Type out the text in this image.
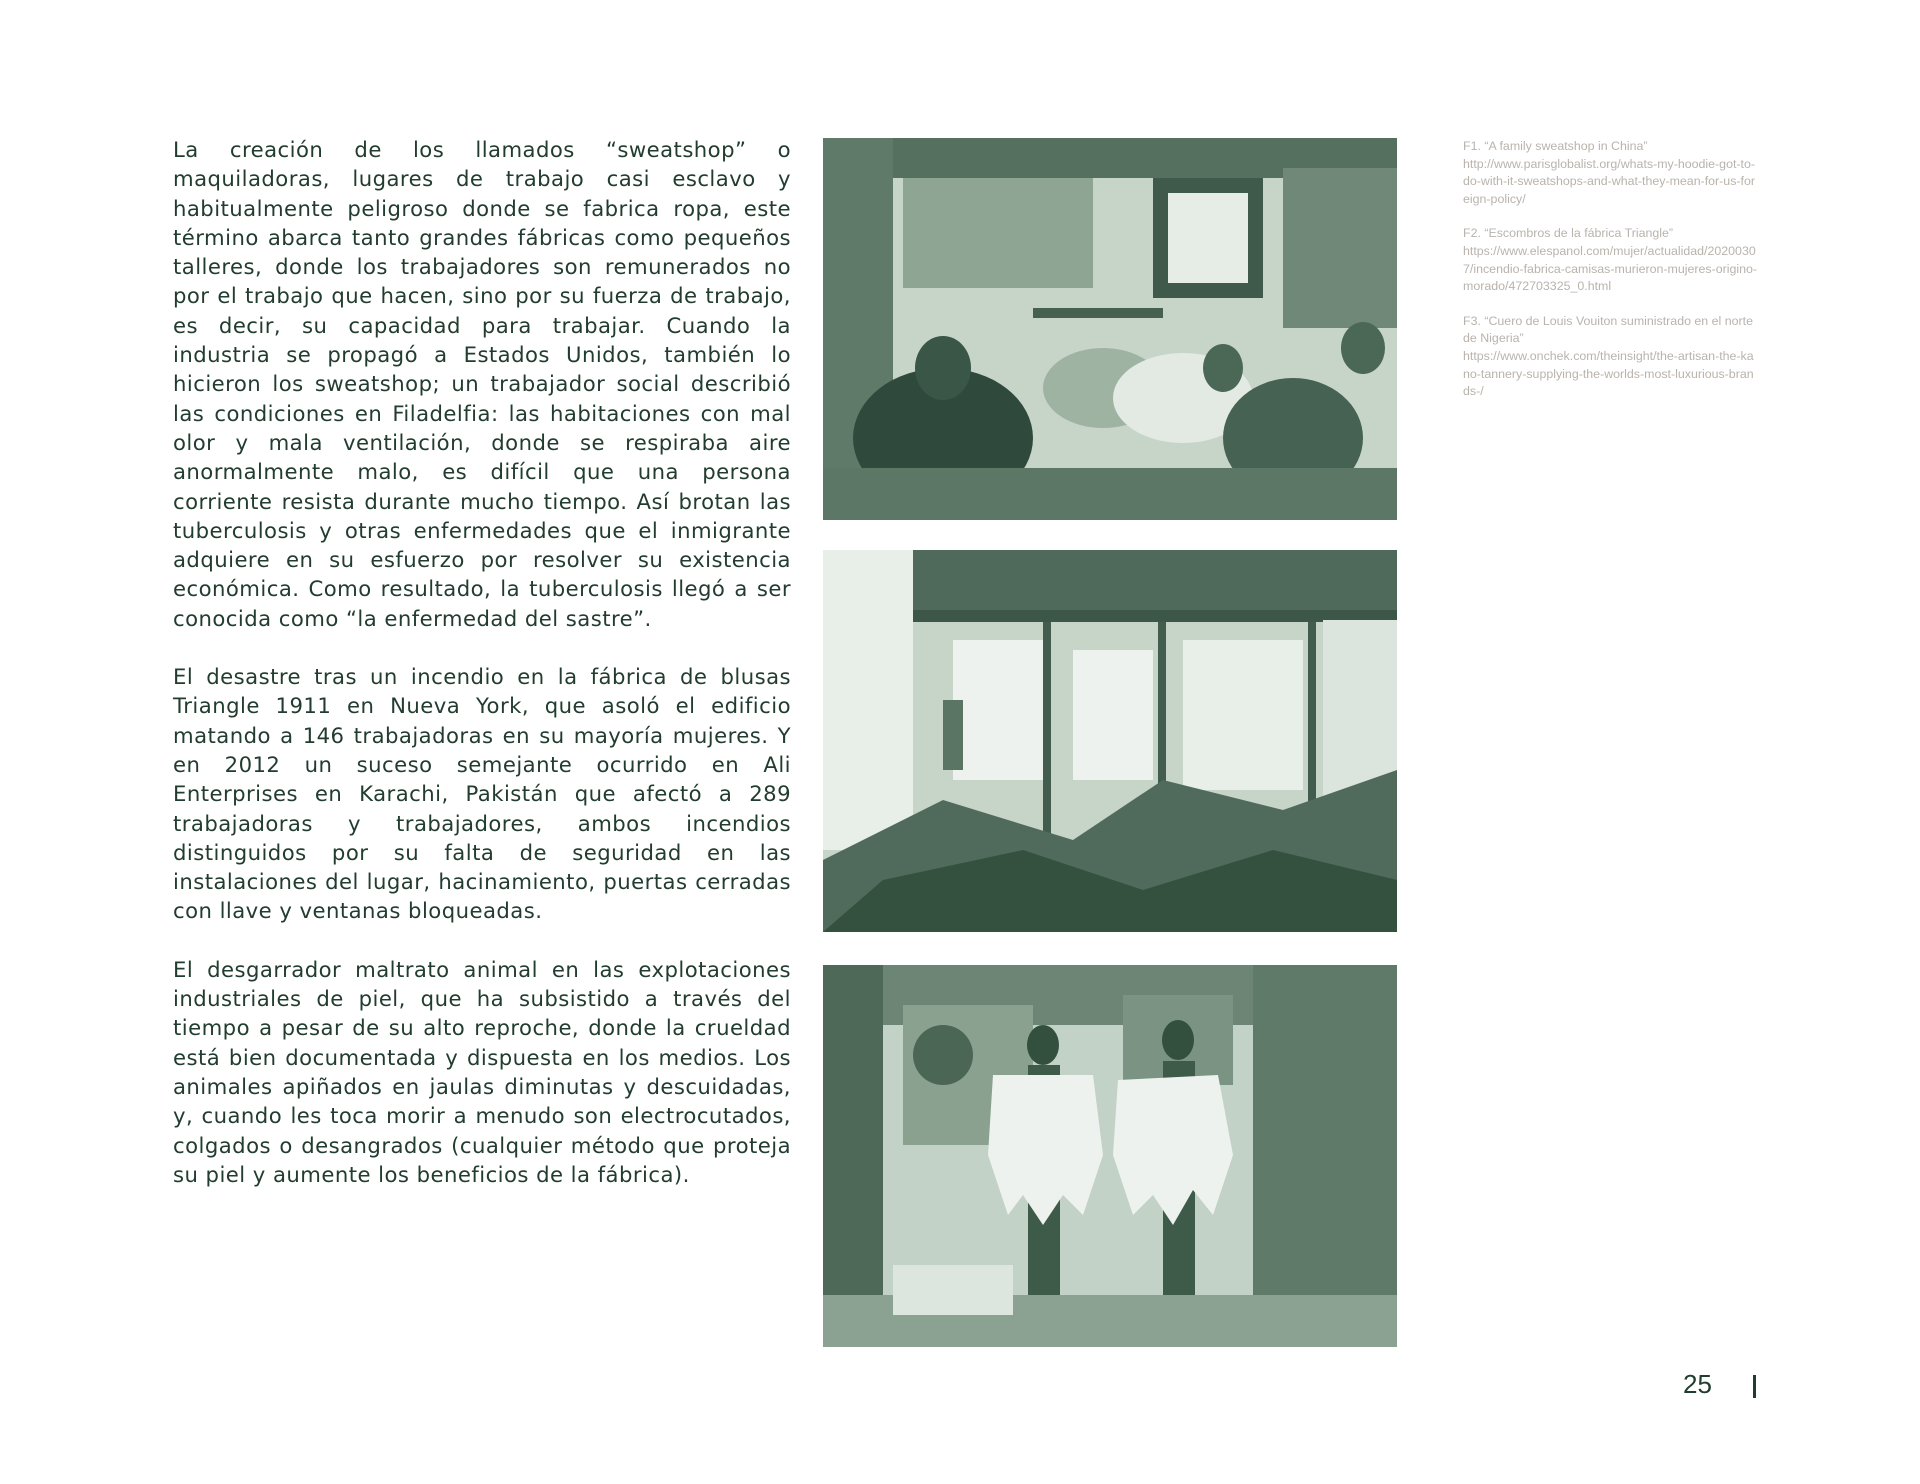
La creación de los llamados “sweatshop” o maquiladoras, lugares de trabajo casi esclavo y habitualmente peligroso donde se fabrica ropa, este término abarca tanto grandes fábricas como pequeños talleres, donde los trabajadores son remunerados no por el trabajo que hacen, sino por su fuerza de trabajo, es decir, su capacidad para trabajar. Cuando la industria se propagó a Estados Unidos, también lo hicieron los sweatshop; un trabajador social describió las condiciones en Filadelfia: las habitaciones con mal olor y mala ventilación, donde se respiraba aire anormalmente malo, es difícil que una persona corriente resista durante mucho tiempo. Así brotan las tuberculosis y otras enfermedades que el inmigrante adquiere en su esfuerzo por resolver su existencia económica. Como resultado, la tuberculosis llegó a ser conocida como “la enfermedad del sastre”.

El desastre tras un incendio en la fábrica de blusas Triangle 1911 en Nueva York, que asoló el edificio matando a 146 trabajadoras en su mayoría mujeres. Y en 2012 un suceso semejante ocurrido en Ali Enterprises en Karachi, Pakistán que afectó a 289 trabajadoras y trabajadores, ambos incendios distinguidos por su falta de seguridad en las instalaciones del lugar, hacinamiento, puertas cerradas con llave y ventanas bloqueadas.

El desgarrador maltrato animal en las explotaciones industriales de piel, que ha subsistido a través del tiempo a pesar de su alto reproche, donde la crueldad está bien documentada y dispuesta en los medios. Los animales apiñados en jaulas diminutas y descuidadas, y, cuando les toca morir a menudo son electrocutados, colgados o desangrados (cualquier método que proteja su piel y aumente los beneficios de la fábrica).

F1. “A family sweatshop in China”
http://www.parisglobalist.org/whats-my-hoodie-got-to-do-with-it-sweatshops-and-what-they-mean-for-us-foreign-policy/
F2. “Escombros de la fábrica Triangle”
https://www.elespanol.com/mujer/actualidad/20200307/incendio-fabrica-camisas-murieron-mujeres-origino-morado/472703325_0.html
F3. “Cuero de Louis Vouiton suministrado en el norte de Nigeria”
https://www.onchek.com/theinsight/the-artisan-the-kano-tannery-supplying-the-worlds-most-luxurious-brands-/
25
